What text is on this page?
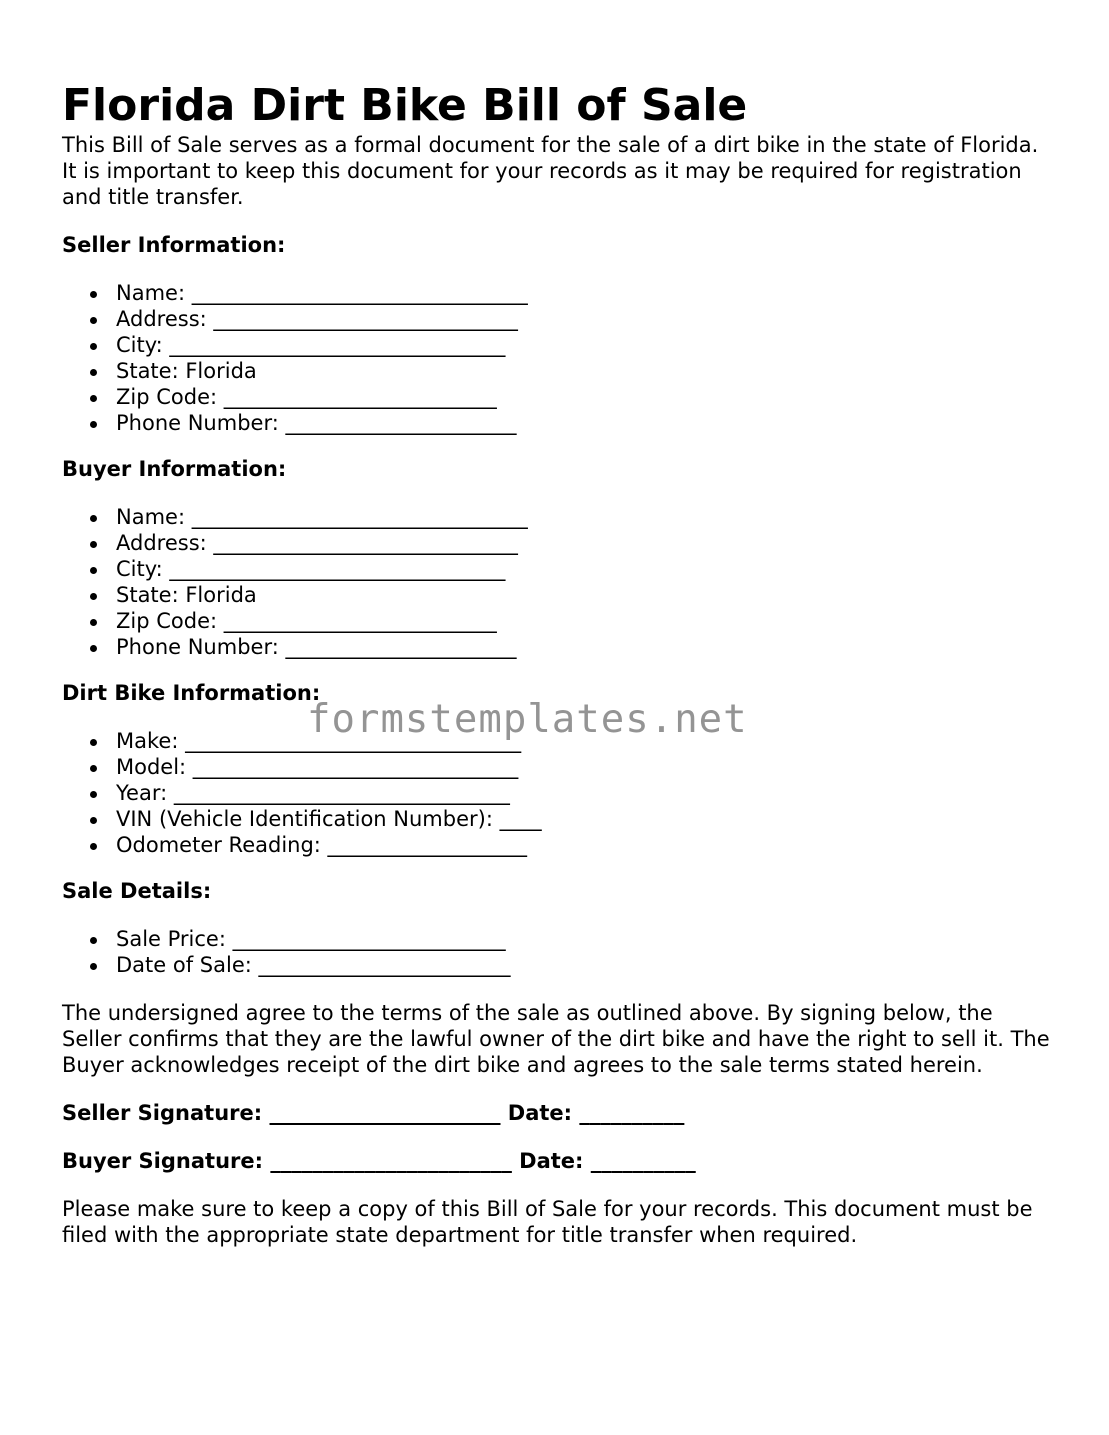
Florida Dirt Bike Bill of Sale

This Bill of Sale serves as a formal document for the sale of a dirt bike in the state of Florida. It is important to keep this document for your records as it may be required for registration and title transfer.

Seller Information:
Name: ________________________________
Address: _____________________________
City: ________________________________
State: Florida
Zip Code: __________________________
Phone Number: ______________________
Buyer Information:
Name: ________________________________
Address: _____________________________
City: ________________________________
State: Florida
Zip Code: __________________________
Phone Number: ______________________
Dirt Bike Information:
Make: ________________________________
Model: _______________________________
Year: ________________________________
VIN (Vehicle Identification Number): ____
Odometer Reading: ___________________
Sale Details:
Sale Price: __________________________
Date of Sale: ________________________

The undersigned agree to the terms of the sale as outlined above. By signing below, the Seller confirms that they are the lawful owner of the dirt bike and have the right to sell it. The Buyer acknowledges receipt of the dirt bike and agrees to the sale terms stated herein.

Seller Signature: ______________________ Date: __________

Buyer Signature: _______________________ Date: __________

Please make sure to keep a copy of this Bill of Sale for your records. This document must be filed with the appropriate state department for title transfer when required.

formstemplates.net
